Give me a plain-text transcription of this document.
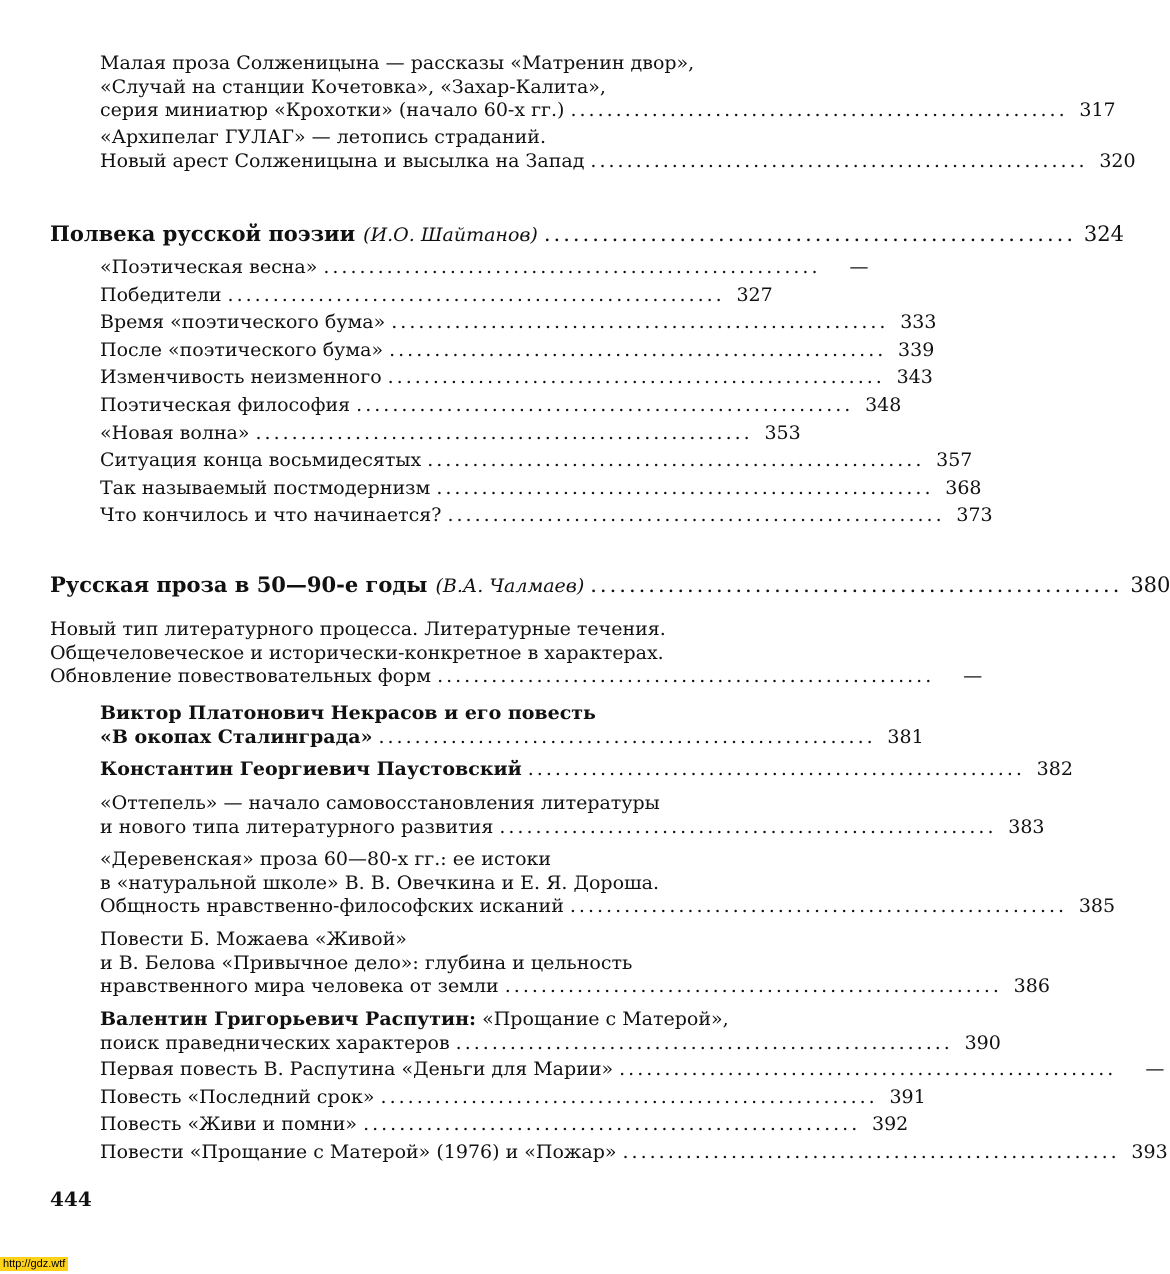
Малая проза Солженицына — рассказы «Матренин двор»,
«Случай на станции Кочетовка», «Захар-Калита»,
серия миниатюр «Крохотки» (начало 60-х гг.) ....................................................... 317
«Архипелаг ГУЛАГ» — летопись страданий.
Новый арест Солженицына и высылка на Запад ....................................................... 320
Полвека русской поэзии (И.О. Шайтанов) ....................................................... 324
«Поэтическая весна» .......................................................	—
Победители ....................................................... 327
Время «поэтического бума» ....................................................... 333
После «поэтического бума» ....................................................... 339
Изменчивость неизменного ....................................................... 343
Поэтическая философия ....................................................... 348
«Новая волна» ....................................................... 353
Ситуация конца восьмидесятых ....................................................... 357
Так называемый постмодернизм ....................................................... 368
Что кончилось и что начинается? ....................................................... 373
Русская проза в 50—90-е годы (В.А. Чалмаев) ....................................................... 380
Новый тип литературного процесса. Литературные течения.
Общечеловеческое и исторически-конкретное в характерах.
Обновление повествовательных форм .......................................................	—
Виктор Платонович Некрасов и его повесть
«В окопах Сталинграда» ....................................................... 381
Константин Георгиевич Паустовский ....................................................... 382
«Оттепель» — начало самовосстановления литературы
и нового типа литературного развития ....................................................... 383
«Деревенская» проза 60—80-х гг.: ее истоки
в «натуральной школе» В. В. Овечкина и Е. Я. Дороша.
Общность нравственно-философских исканий ....................................................... 385
Повести Б. Можаева «Живой»
и В. Белова «Привычное дело»: глубина и цельность
нравственного мира человека от земли ....................................................... 386
Валентин Григорьевич Распутин: «Прощание с Матерой»,
поиск праведнических характеров ....................................................... 390
Первая повесть В. Распутина «Деньги для Марии» .......................................................	—
Повесть «Последний срок» ....................................................... 391
Повесть «Живи и помни» ....................................................... 392
Повести «Прощание с Матерой» (1976) и «Пожар» ....................................................... 393
444
http://gdz.wtf
